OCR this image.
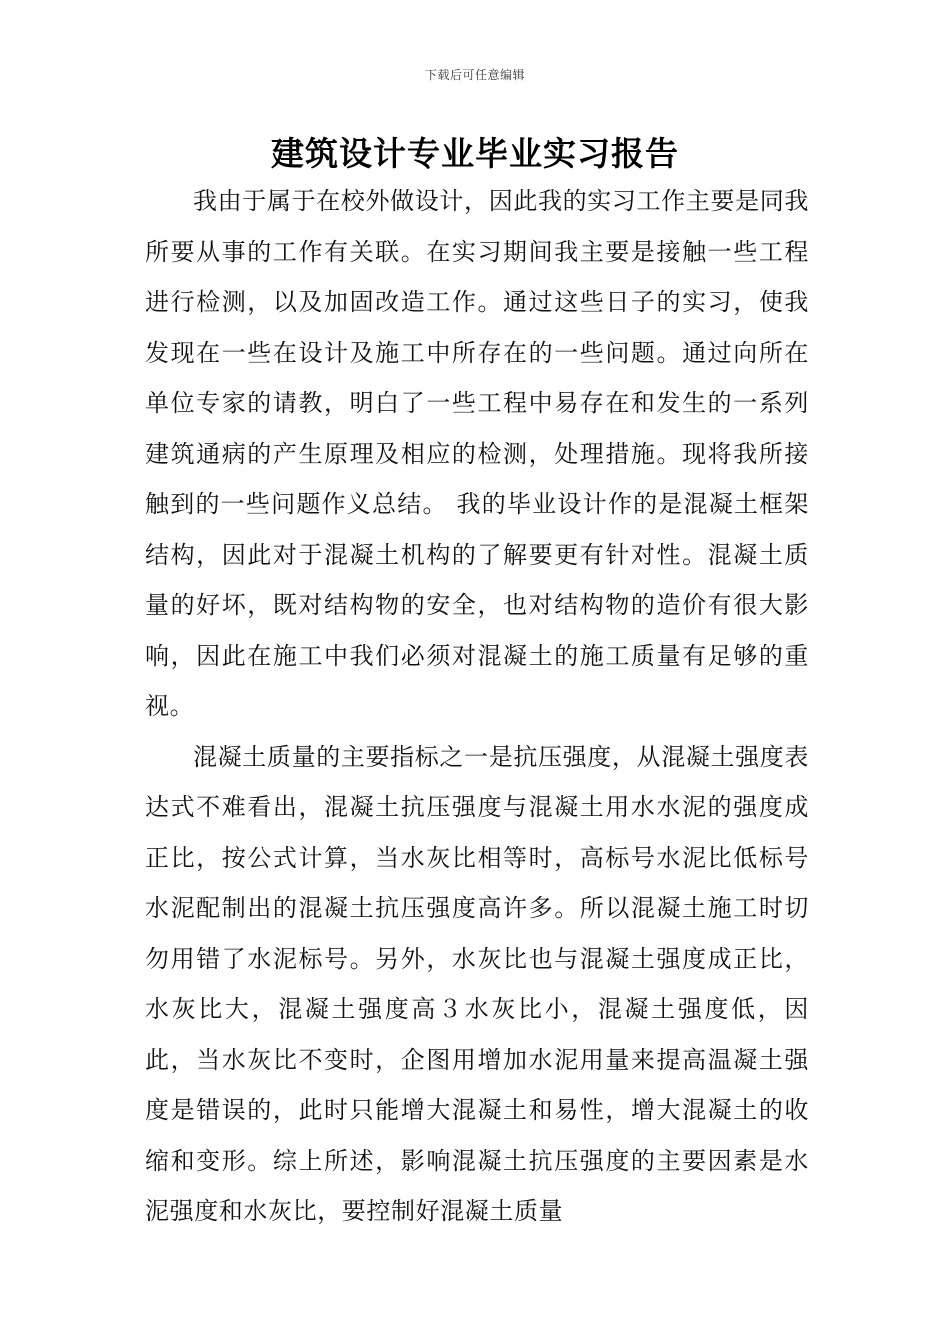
下载后可任意编辑
建筑设计专业毕业实习报告

我由于属于在校外做设计，因此我的实习工作主要是同我所要从事的工作有关联。在实习期间我主要是接触一些工程进行检测，以及加固改造工作。通过这些日子的实习，使我发现在一些在设计及施工中所存在的一些问题。通过向所在单位专家的请教，明白了一些工程中易存在和发生的一系列建筑通病的产生原理及相应的检测，处理措施。现将我所接触到的一些问题作义总结。 我的毕业设计作的是混凝土框架结构，因此对于混凝土机构的了解要更有针对性。混凝土质量的好坏，既对结构物的安全，也对结构物的造价有很大影响，因此在施工中我们必须对混凝土的施工质量有足够的重视。

混凝土质量的主要指标之一是抗压强度，从混凝土强度表达式不难看出，混凝土抗压强度与混凝土用水水泥的强度成正比，按公式计算，当水灰比相等时，高标号水泥比低标号水泥配制出的混凝土抗压强度高许多。所以混凝土施工时切勿用错了水泥标号。另外，水灰比也与混凝土强度成正比，水灰比大，混凝土强度高３水灰比小，混凝土强度低，因此，当水灰比不变时，企图用增加水泥用量来提高温凝土强度是错误的，此时只能增大混凝土和易性，增大混凝土的收缩和变形。综上所述，影响混凝土抗压强度的主要因素是水泥强度和水灰比，要控制好混凝土质量
